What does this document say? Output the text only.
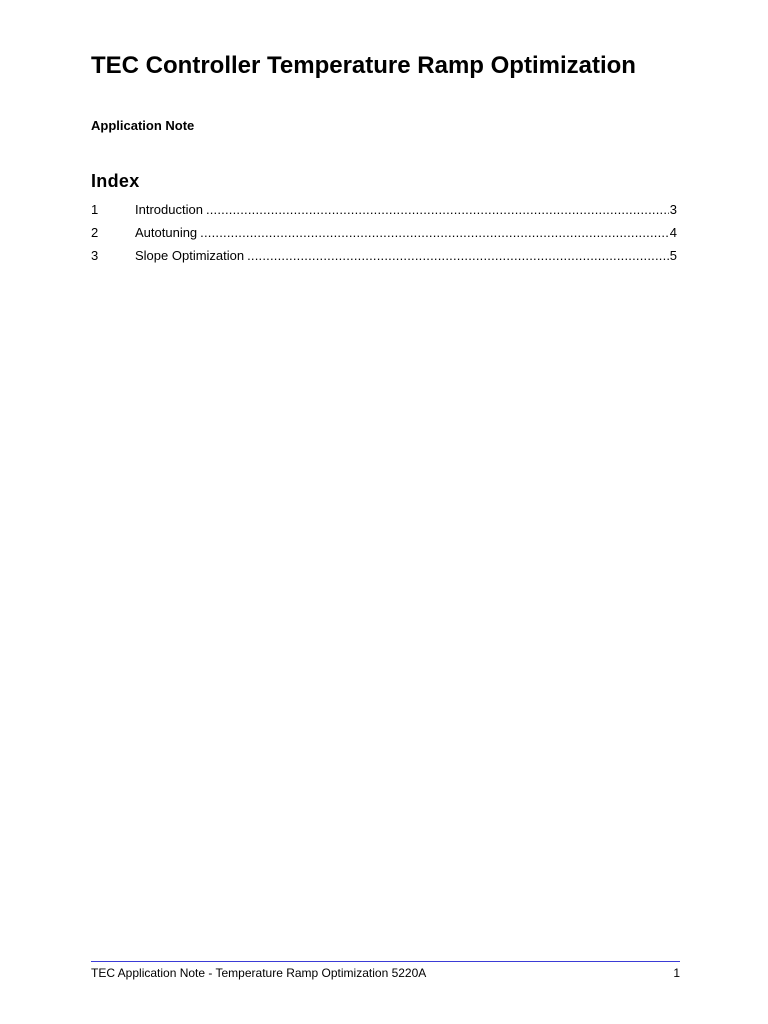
TEC Controller Temperature Ramp Optimization
Application Note
Index
1	Introduction .....	3
2	Autotuning .....	4
3	Slope Optimization .....	5
TEC Application Note - Temperature Ramp Optimization 5220A	1
